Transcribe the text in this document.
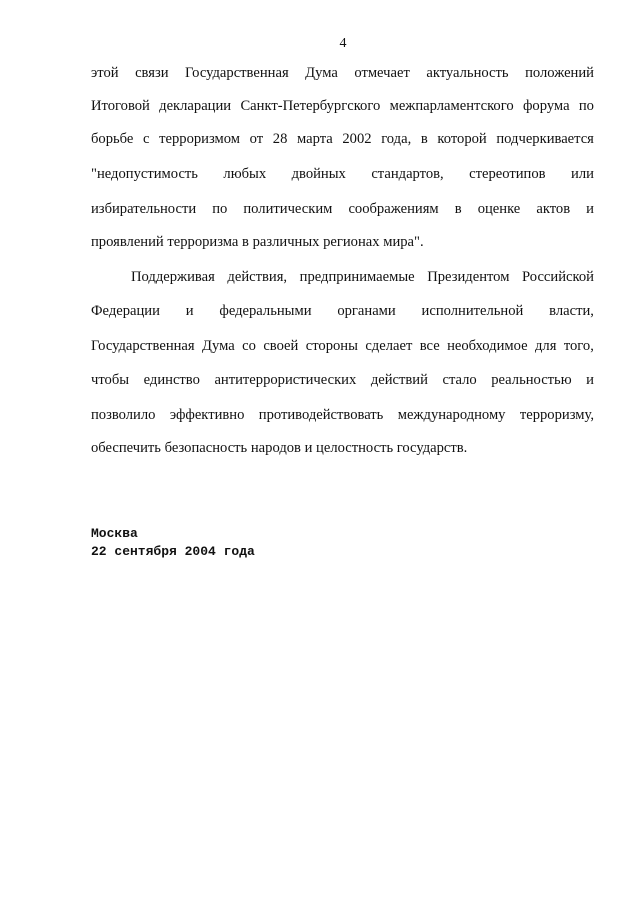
4
этой связи Государственная Дума отмечает актуальность положений
Итоговой декларации Санкт-Петербургского межпарламентского форума по
борьбе с терроризмом от 28 марта 2002 года, в которой подчеркивается
"недопустимость любых двойных стандартов, стереотипов или
избирательности по политическим соображениям в оценке актов и
проявлений терроризма в различных регионах мира".
Поддерживая действия, предпринимаемые Президентом Российской
Федерации и федеральными органами исполнительной власти,
Государственная Дума со своей стороны сделает все необходимое для того,
чтобы единство антитеррористических действий стало реальностью и
позволило эффективно противодействовать международному терроризму,
обеспечить безопасность народов и целостность государств.
Москва
22 сентября 2004 года
